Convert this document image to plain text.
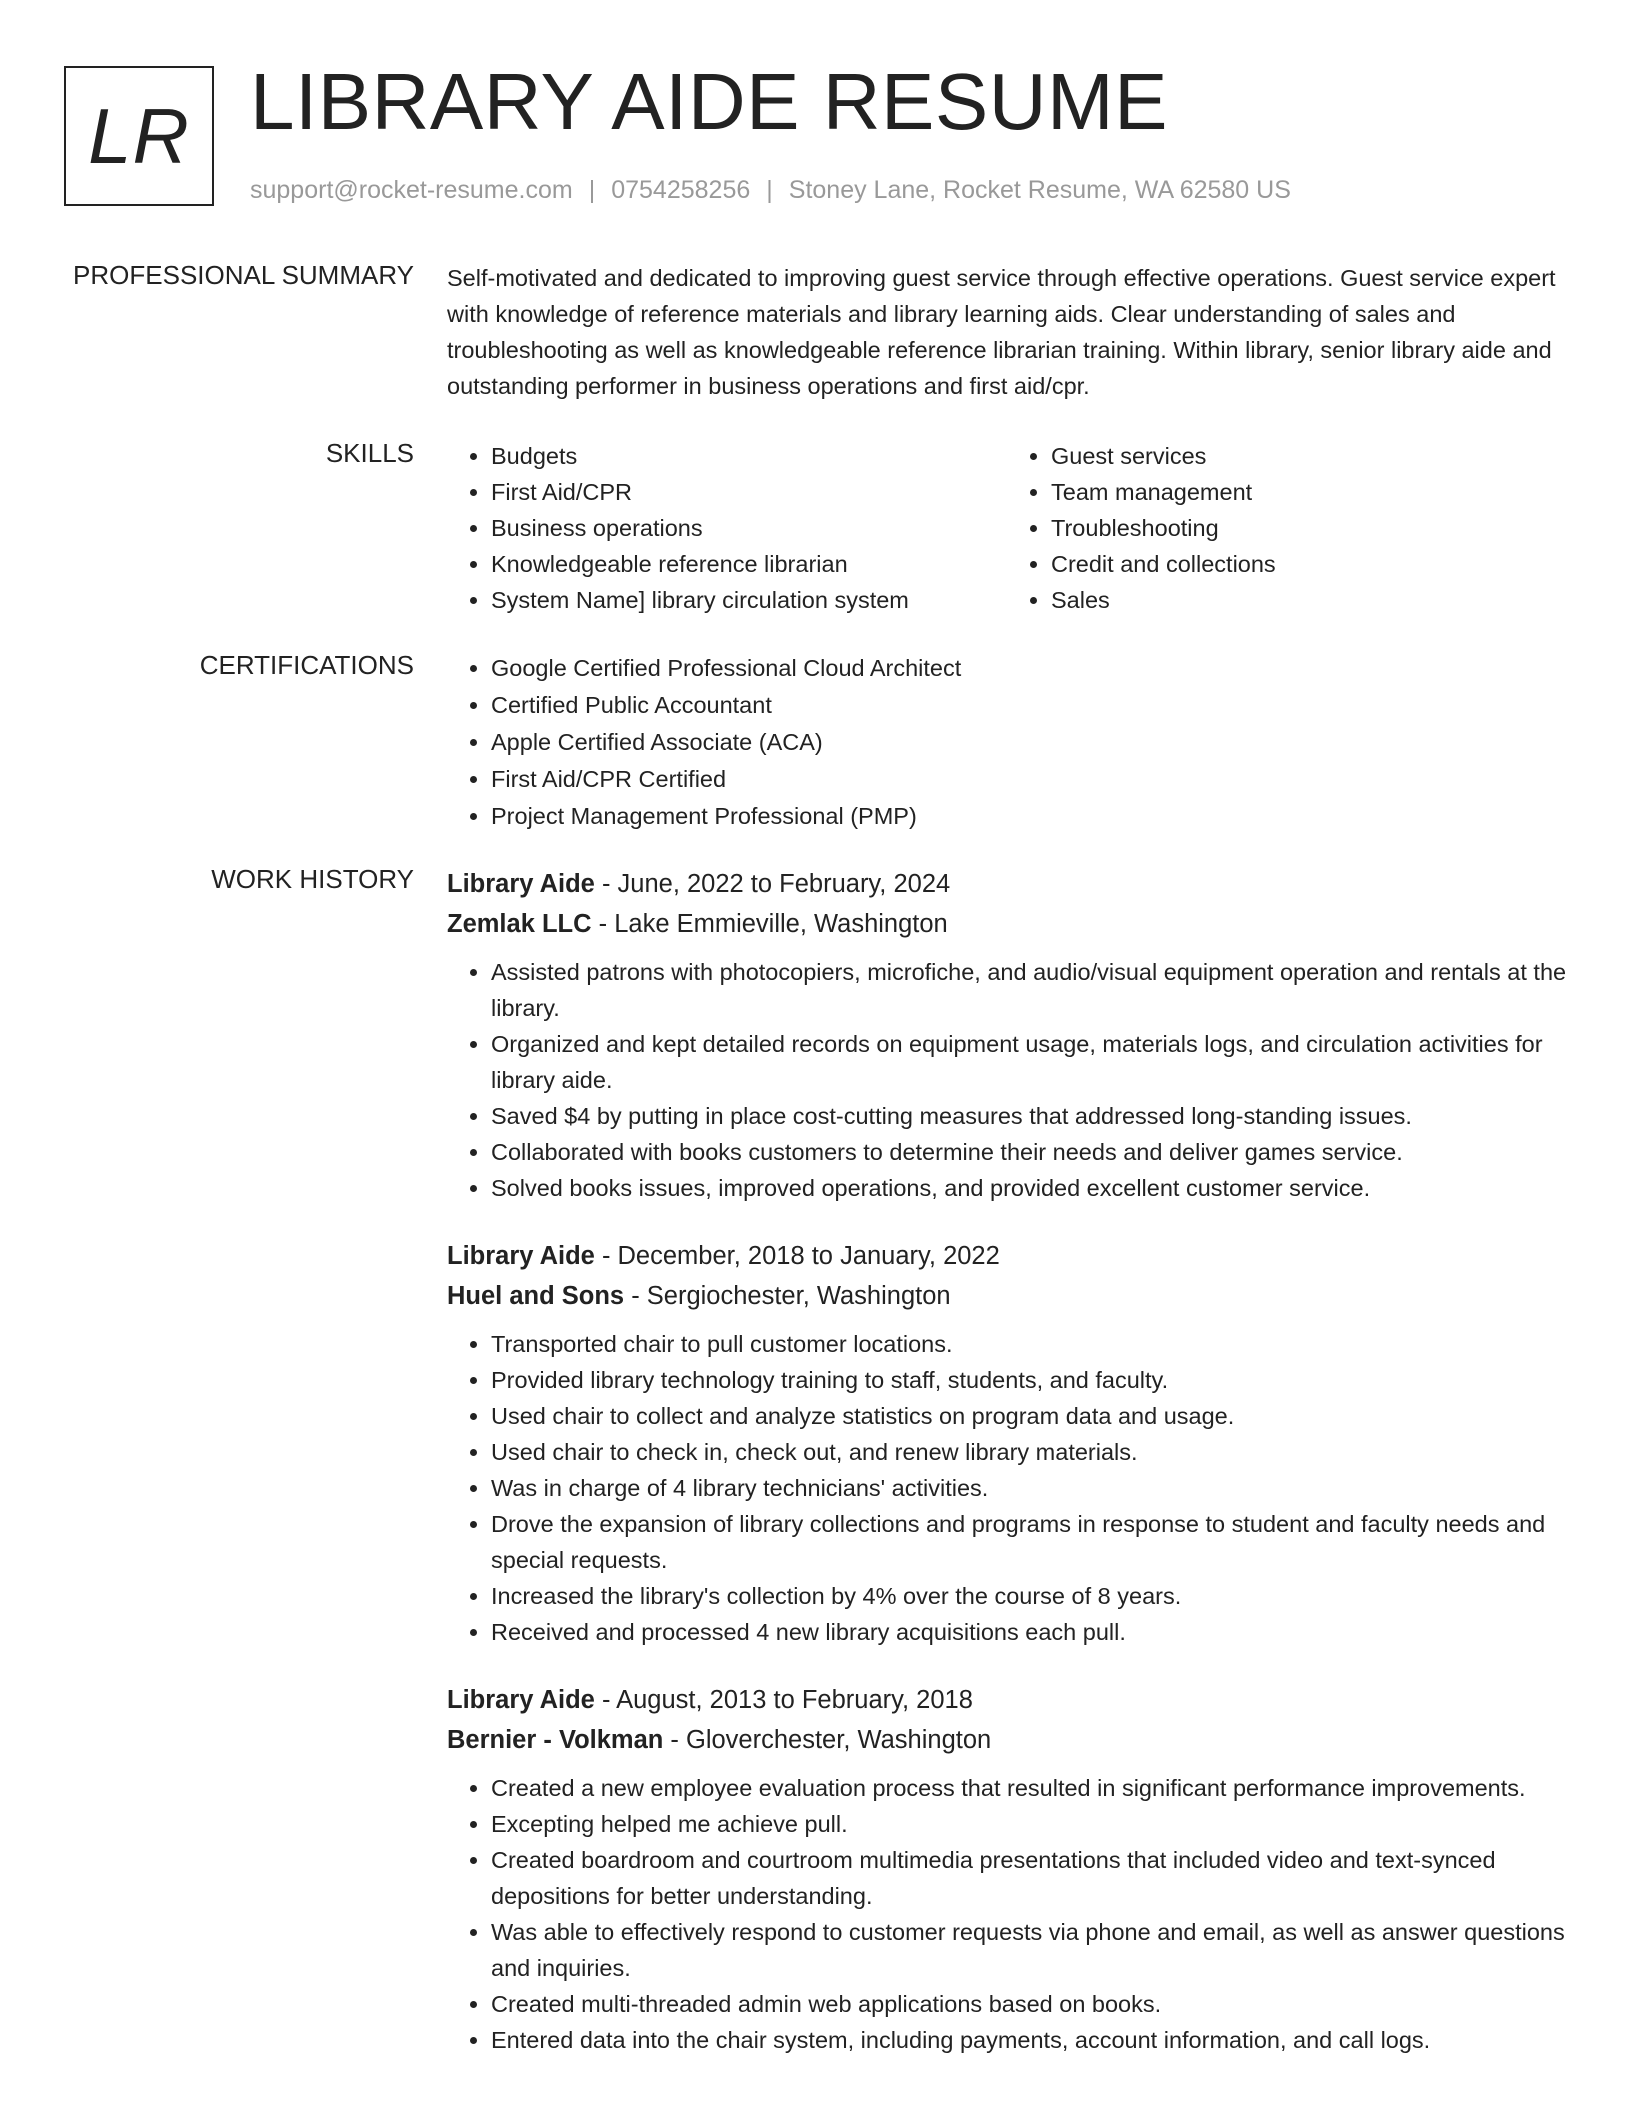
LR LIBRARY AIDE RESUME
support@rocket-resume.com | 0754258256 | Stoney Lane, Rocket Resume, WA 62580 US
PROFESSIONAL SUMMARY Self-motivated and dedicated to improving guest service through effective operations. Guest service expert with knowledge of reference materials and library learning aids. Clear understanding of sales and troubleshooting as well as knowledgeable reference librarian training. Within library, senior library aide and outstanding performer in business operations and first aid/cpr.

SKILLS	• Budgets
• First Aid/CPR
• Business operations
• Knowledgeable reference librarian
• System Name] library circulation system
• Guest services
• Team management
• Troubleshooting
• Credit and collections
• Sales
CERTIFICATIONS	• Google Certified Professional Cloud Architect
• Certified Public Accountant
• Apple Certified Associate (ACA)
• First Aid/CPR Certified
• Project Management Professional (PMP)
WORK HISTORY Library Aide - June, 2022 to February, 2024
Zemlak LLC - Lake Emmieville, Washington
• Assisted patrons with photocopiers, microfiche, and audio/visual equipment operation and rentals at the library.
• Organized and kept detailed records on equipment usage, materials logs, and circulation activities for library aide.
• Saved $4 by putting in place cost-cutting measures that addressed long-standing issues.
• Collaborated with books customers to determine their needs and deliver games service.
• Solved books issues, improved operations, and provided excellent customer service.
Library Aide - December, 2018 to January, 2022
Huel and Sons - Sergiochester, Washington
• Transported chair to pull customer locations.
• Provided library technology training to staff, students, and faculty.
• Used chair to collect and analyze statistics on program data and usage.
• Used chair to check in, check out, and renew library materials.
• Was in charge of 4 library technicians' activities.
• Drove the expansion of library collections and programs in response to student and faculty needs and special requests.
• Increased the library's collection by 4% over the course of 8 years.
• Received and processed 4 new library acquisitions each pull.
Library Aide - August, 2013 to February, 2018
Bernier - Volkman - Gloverchester, Washington
• Created a new employee evaluation process that resulted in significant performance improvements.
• Excepting helped me achieve pull.
• Created boardroom and courtroom multimedia presentations that included video and text-synced depositions for better understanding.
• Was able to effectively respond to customer requests via phone and email, as well as answer questions and inquiries.
• Created multi-threaded admin web applications based on books.
• Entered data into the chair system, including payments, account information, and call logs.
